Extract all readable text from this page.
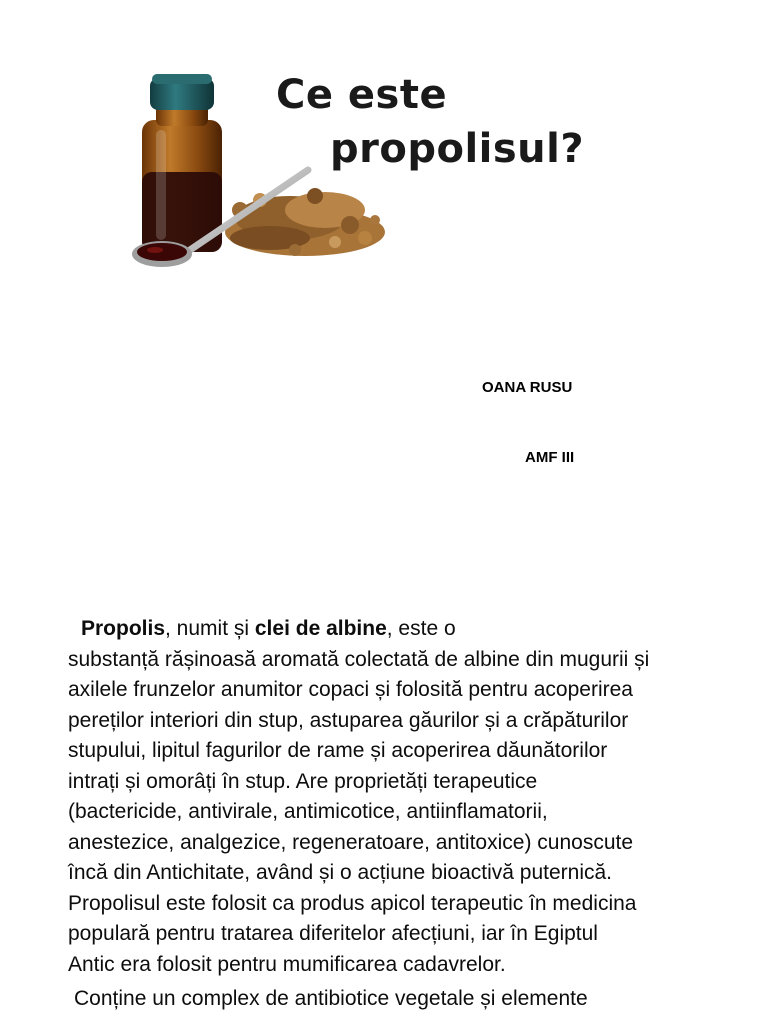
Ce este
propolisul?
OANA RUSU
AMF III

Propolis, numit și clei de albine, este o
substanță rășinoasă aromată colectată de albine din mugurii și
axilele frunzelor anumitor copaci și folosită pentru acoperirea
pereților interiori din stup, astuparea găurilor și a crăpăturilor
stupului, lipitul fagurilor de rame și acoperirea dăunătorilor
intrați și omorâți în stup. Are proprietăți terapeutice
(bactericide, antivirale, antimicotice, antiinflamatorii,
anestezice, analgezice, regeneratoare, antitoxice) cunoscute
încă din Antichitate, având și o acțiune bioactivă puternică.
Propolisul este folosit ca produs apicol terapeutic în medicina
populară pentru tratarea diferitelor afecțiuni, iar în Egiptul
Antic era folosit pentru mumificarea cadavrelor.

Conține un complex de antibiotice vegetale și elemente
